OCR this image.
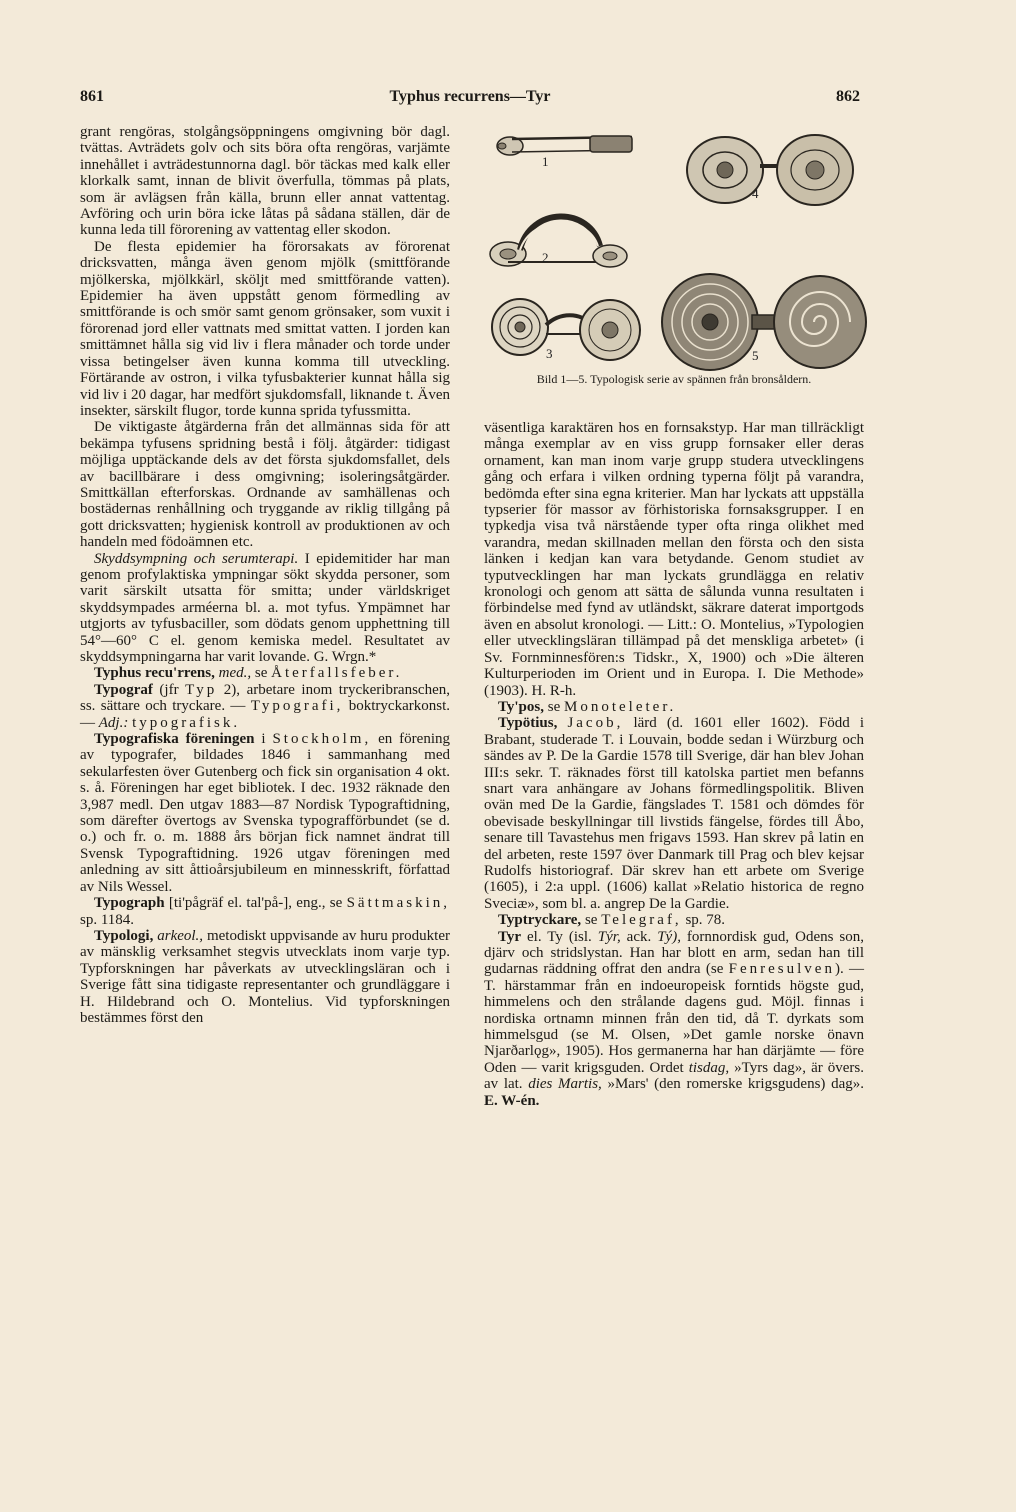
861	Typhus recurrens—Tyr	862

grant rengöras, stolgångsöppningens omgivning bör dagl. tvättas. Avträdets golv och sits böra ofta rengöras, varjämte innehållet i avträdestunnorna dagl. bör täckas med kalk eller klorkalk samt, innan de blivit överfulla, tömmas på plats, som är avlägsen från källa, brunn eller annat vattentag. Avföring och urin böra icke låtas på sådana ställen, där de kunna leda till förorening av vattentag eller skodon.

De flesta epidemier ha förorsakats av förorenat dricksvatten, många även genom mjölk (smittförande mjölkerska, mjölkkärl, sköljt med smittförande vatten). Epidemier ha även uppstått genom förmedling av smittförande is och smör samt genom grönsaker, som vuxit i förorenad jord eller vattnats med smittat vatten. I jorden kan smittämnet hålla sig vid liv i flera månader och torde under vissa betingelser även kunna komma till utveckling. Förtärande av ostron, i vilka tyfusbakterier kunnat hålla sig vid liv i 20 dagar, har medfört sjukdomsfall, liknande t. Även insekter, särskilt flugor, torde kunna sprida tyfussmitta.

De viktigaste åtgärderna från det allmännas sida för att bekämpa tyfusens spridning bestå i följ. åtgärder: tidigast möjliga upptäckande dels av det första sjukdomsfallet, dels av bacillbärare i dess omgivning; isoleringsåtgärder. Smittkällan efterforskas. Ordnande av samhällenas och bostädernas renhållning och tryggande av riklig tillgång på gott dricksvatten; hygienisk kontroll av produktionen av och handeln med födoämnen etc.

Skyddsympning och serumterapi. I epidemitider har man genom profylaktiska ympningar sökt skydda personer, som varit särskilt utsatta för smitta; under världskriget skyddsympades arméerna bl. a. mot tyfus. Ympämnet har utgjorts av tyfusbaciller, som dödats genom upphettning till 54°—60° C el. genom kemiska medel. Resultatet av skyddsympningarna har varit lovande. G. Wrgn.*

Typhus recu'rrens, med., se Återfallsfeber.

Typograf (jfr Typ 2), arbetare inom tryckeribranschen, ss. sättare och tryckare. — Typografi, boktryckarkonst. — Adj.: typografisk.

Typografiska föreningen i Stockholm, en förening av typografer, bildades 1846 i sammanhang med sekularfesten över Gutenberg och fick sin organisation 4 okt. s. å. Föreningen har eget bibliotek. I dec. 1932 räknade den 3,987 medl. Den utgav 1883—87 Nordisk Typograftidning, som därefter övertogs av Svenska typografförbundet (se d. o.) och fr. o. m. 1888 års början fick namnet ändrat till Svensk Typograftidning. 1926 utgav föreningen med anledning av sitt åttioårsjubileum en minnesskrift, författad av Nils Wessel.

Typograph [ti'pågräf el. tal'på-], eng., se Sättmaskin, sp. 1184.

Typologi, arkeol., metodiskt uppvisande av huru produkter av mänsklig verksamhet stegvis utvecklats inom varje typ. Typforskningen har påverkats av utvecklingsläran och i Sverige fått sina tidigaste representanter och grundläggare i H. Hildebrand och O. Montelius. Vid typforskningen bestämmes först den

1
2
3
4
5
Bild 1—5. Typologisk serie av spännen från bronsåldern.

väsentliga karaktären hos en fornsakstyp. Har man tillräckligt många exemplar av en viss grupp fornsaker eller deras ornament, kan man inom varje grupp studera utvecklingens gång och erfara i vilken ordning typerna följt på varandra, bedömda efter sina egna kriterier. Man har lyckats att uppställa typserier för massor av förhistoriska fornsaksgrupper. I en typkedja visa två närstående typer ofta ringa olikhet med varandra, medan skillnaden mellan den första och den sista länken i kedjan kan vara betydande. Genom studiet av typutvecklingen har man lyckats grundlägga en relativ kronologi och genom att sätta de sålunda vunna resultaten i förbindelse med fynd av utländskt, säkrare daterat importgods även en absolut kronologi. — Litt.: O. Montelius, »Typologien eller utvecklingsläran tillämpad på det menskliga arbetet» (i Sv. Fornminnesfören:s Tidskr., X, 1900) och »Die älteren Kulturperioden im Orient und in Europa. I. Die Methode» (1903). H. R-h.

Ty'pos, se Monoteleter.

Typötius, Jacob, lärd (d. 1601 eller 1602). Född i Brabant, studerade T. i Louvain, bodde sedan i Würzburg och sändes av P. De la Gardie 1578 till Sverige, där han blev Johan III:s sekr. T. räknades först till katolska partiet men befanns snart vara anhängare av Johans förmedlingspolitik. Bliven ovän med De la Gardie, fängslades T. 1581 och dömdes för obevisade beskyllningar till livstids fängelse, fördes till Åbo, senare till Tavastehus men frigavs 1593. Han skrev på latin en del arbeten, reste 1597 över Danmark till Prag och blev kejsar Rudolfs historiograf. Där skrev han ett arbete om Sverige (1605), i 2:a uppl. (1606) kallat »Relatio historica de regno Sveciæ», som bl. a. angrep De la Gardie.

Typtryckare, se Telegraf, sp. 78.

Tyr el. Ty (isl. Týr, ack. Tý), fornnordisk gud, Odens son, djärv och stridslystan. Han har blott en arm, sedan han till gudarnas räddning offrat den andra (se Fenresulven). — T. härstammar från en indoeuropeisk forntids högste gud, himmelens och den strålande dagens gud. Möjl. finnas i nordiska ortnamn minnen från den tid, då T. dyrkats som himmelsgud (se M. Olsen, »Det gamle norske önavn Njarðarlǫg», 1905). Hos germanerna har han därjämte — före Oden — varit krigsguden. Ordet tisdag, »Tyrs dag», är övers. av lat. dies Martis, »Mars' (den romerske krigsgudens) dag». E. W-én.
